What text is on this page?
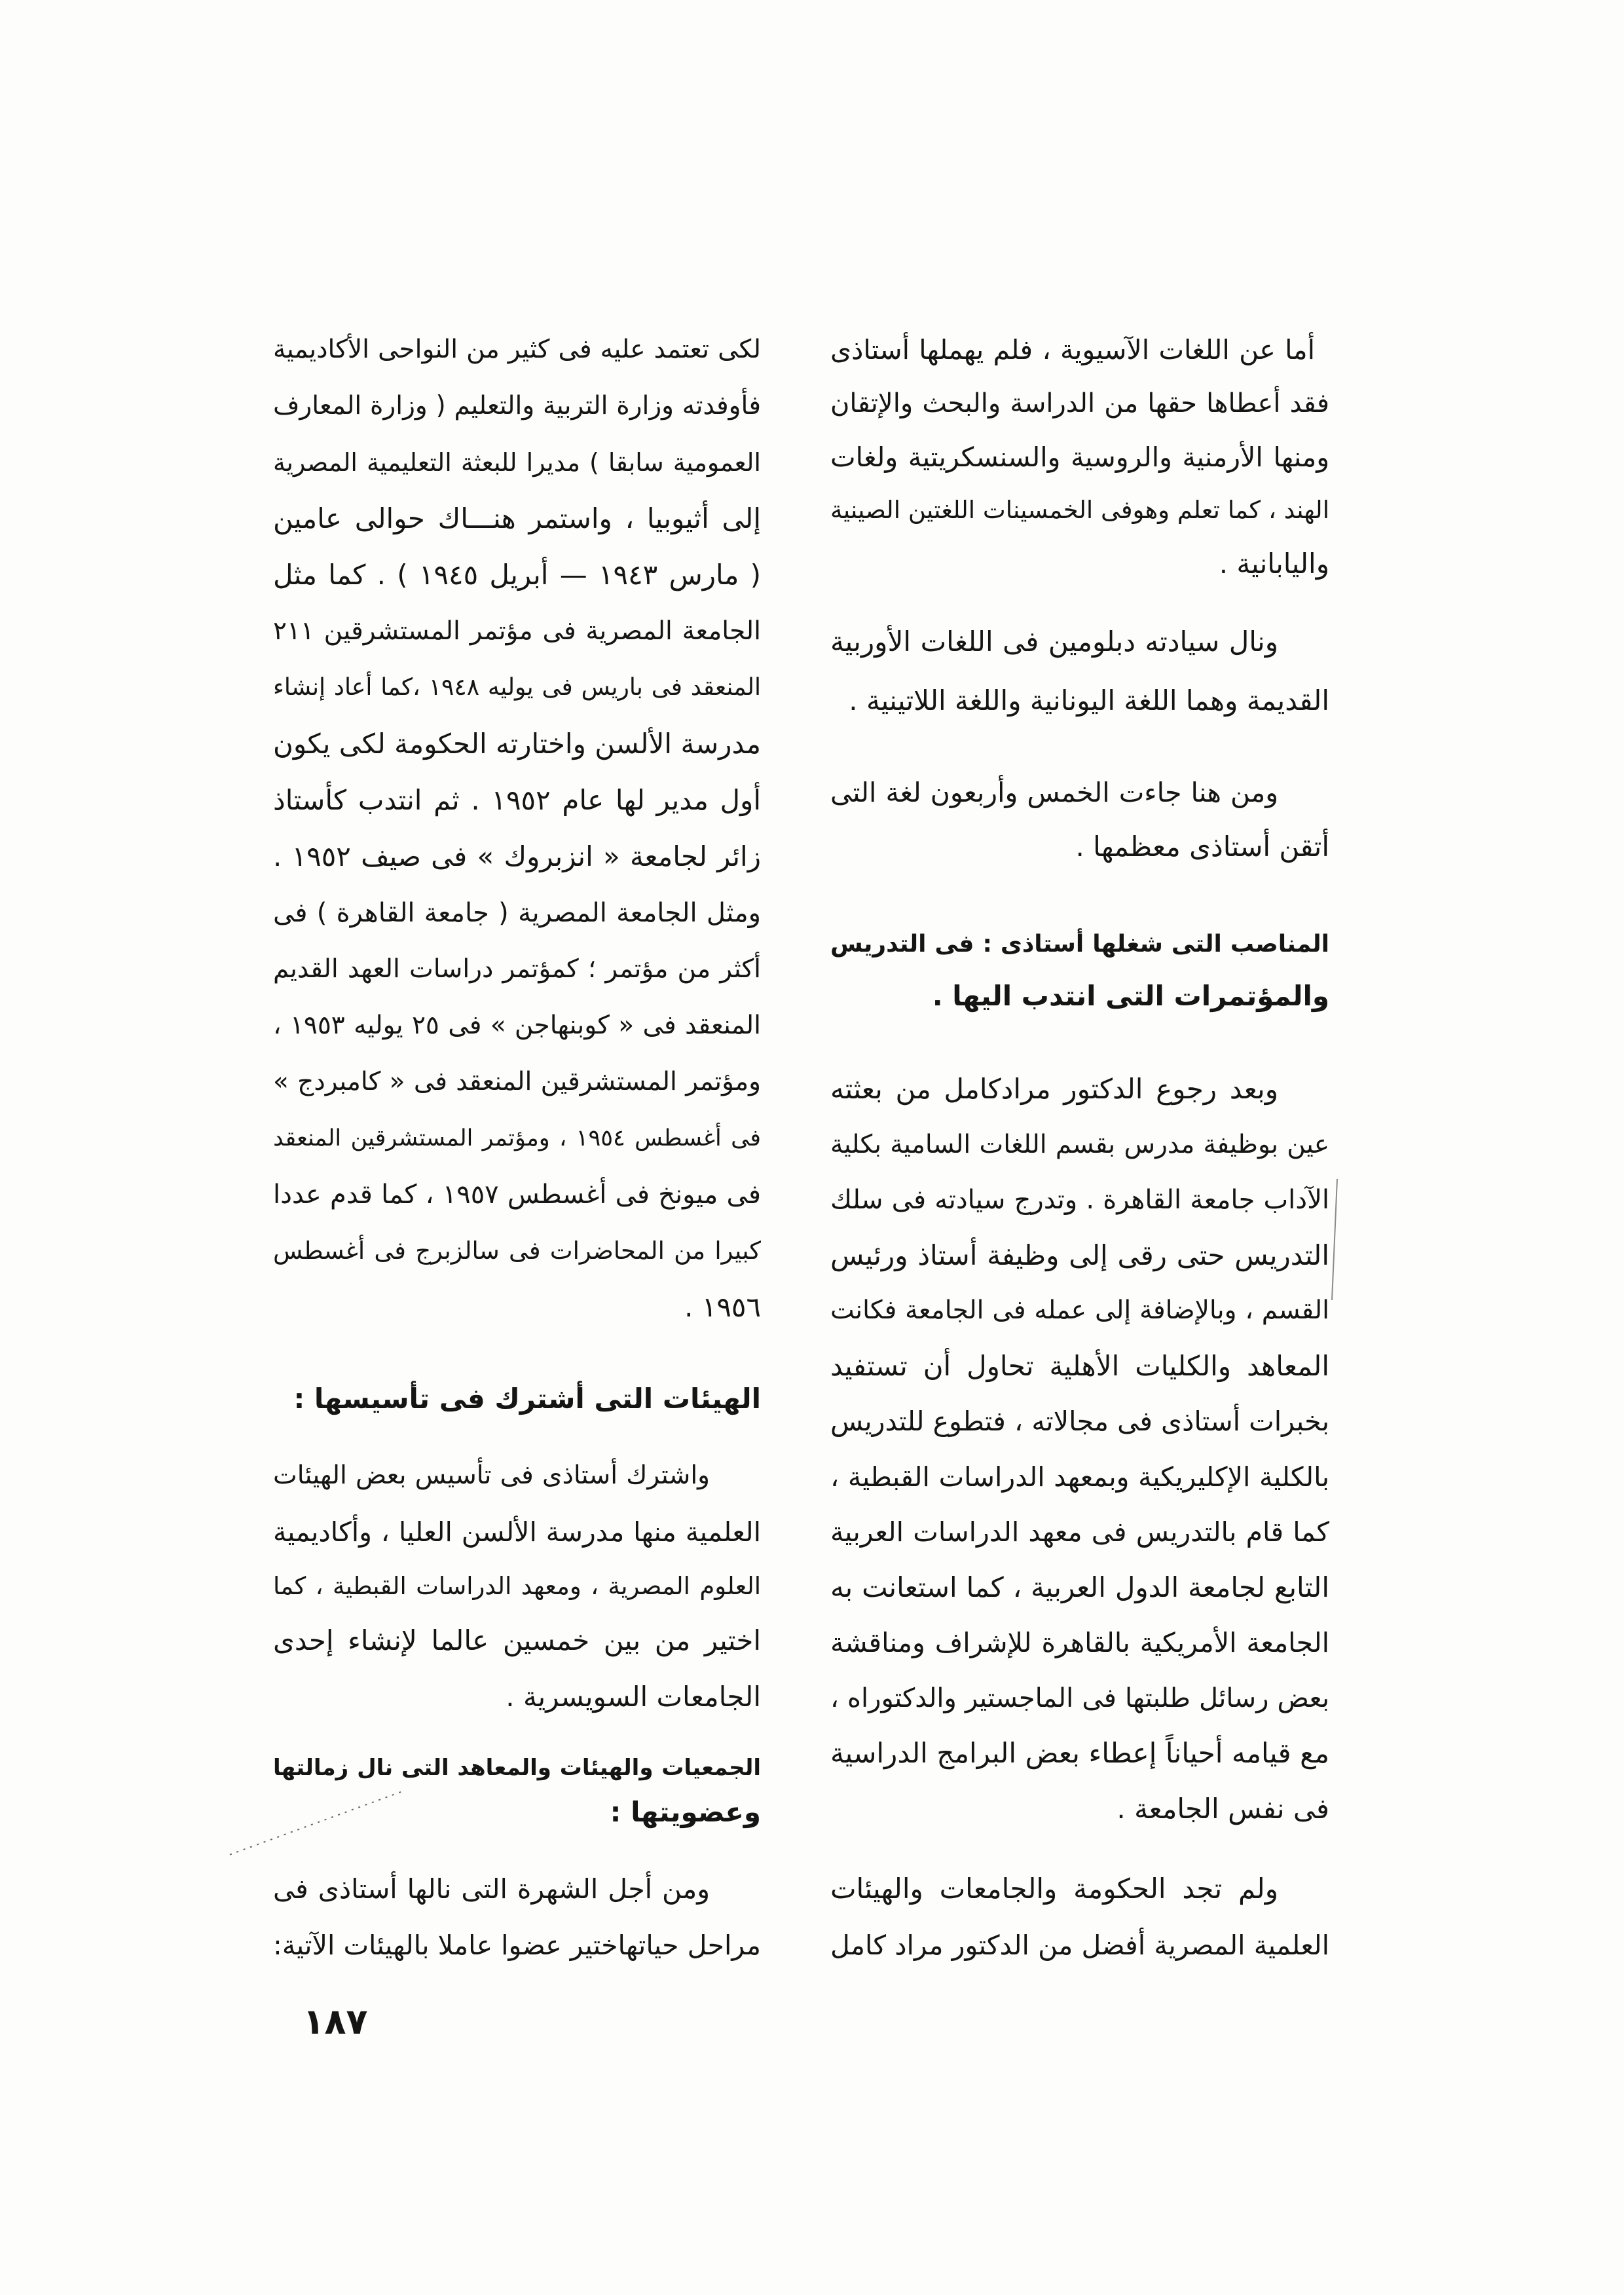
أما عن اللغات الآسيوية ، فلم يهملها أستاذى
فقد أعطاها حقها من الدراسة والبحث والإتقان
ومنها الأرمنية والروسية والسنسكريتية ولغات
الهند ، كما تعلم وهوفى الخمسينات اللغتين الصينية
واليابانية .
ونال سيادته دبلومين فى اللغات الأوربية
القديمة وهما اللغة اليونانية واللغة اللاتينية .
ومن هنا جاءت الخمس وأربعون لغة التى
أتقن أستاذى معظمها .
المناصب التى شغلها أستاذى : فى التدريس
والمؤتمرات التى انتدب اليها .
وبعد رجوع الدكتور مرادكامل من بعثته
عين بوظيفة مدرس بقسم اللغات السامية بكلية
الآداب جامعة القاهرة . وتدرج سيادته فى سلك
التدريس حتى رقى إلى وظيفة أستاذ ورئيس
القسم ، وبالإضافة إلى عمله فى الجامعة فكانت
المعاهد والكليات الأهلية تحاول أن تستفيد
بخبرات أستاذى فى مجالاته ، فتطوع للتدريس
بالكلية الإكليريكية وبمعهد الدراسات القبطية ،
كما قام بالتدريس فى معهد الدراسات العربية
التابع لجامعة الدول العربية ، كما استعانت به
الجامعة الأمريكية بالقاهرة للإشراف ومناقشة
بعض رسائل طلبتها فى الماجستير والدكتوراه ،
مع قيامه أحياناً إعطاء بعض البرامج الدراسية
فى نفس الجامعة .
ولم تجد الحكومة والجامعات والهيئات
العلمية المصرية أفضل من الدكتور مراد كامل
لكى تعتمد عليه فى كثير من النواحى الأكاديمية
فأوفدته وزارة التربية والتعليم ( وزارة المعارف
العمومية سابقا ) مديرا للبعثة التعليمية المصرية
إلى أثيوبيا ، واستمر هنـــاك حوالى عامين
( مارس ١٩٤٣ — أبريل ١٩٤٥ ) . كما مثل
الجامعة المصرية فى مؤتمر المستشرقين ٢١١
المنعقد فى باريس فى يوليه ١٩٤٨ ،كما أعاد إنشاء
مدرسة الألسن واختارته الحكومة لكى يكون
أول مدير لها عام ١٩٥٢ . ثم انتدب كأستاذ
زائر لجامعة « انزبروك » فى صيف ١٩٥٢ .
ومثل الجامعة المصرية ( جامعة القاهرة ) فى
أكثر من مؤتمر ؛ كمؤتمر دراسات العهد القديم
المنعقد فى « كوبنهاجن » فى ٢٥ يوليه ١٩٥٣ ،
ومؤتمر المستشرقين المنعقد فى « كامبردج »
فى أغسطس ١٩٥٤ ، ومؤتمر المستشرقين المنعقد
فى ميونخ فى أغسطس ١٩٥٧ ، كما قدم عددا
كبيرا من المحاضرات فى سالزبرج فى أغسطس
١٩٥٦ .
الهيئات التى أشترك فى تأسيسها :
واشترك أستاذى فى تأسيس بعض الهيئات
العلمية منها مدرسة الألسن العليا ، وأكاديمية
العلوم المصرية ، ومعهد الدراسات القبطية ، كما
اختير من بين خمسين عالما لإنشاء إحدى
الجامعات السويسرية .
الجمعيات والهيئات والمعاهد التى نال زمالتها
وعضويتها :
ومن أجل الشهرة التى نالها أستاذى فى
مراحل حياتهاختير عضوا عاملا بالهيئات الآتية:
١٨٧
